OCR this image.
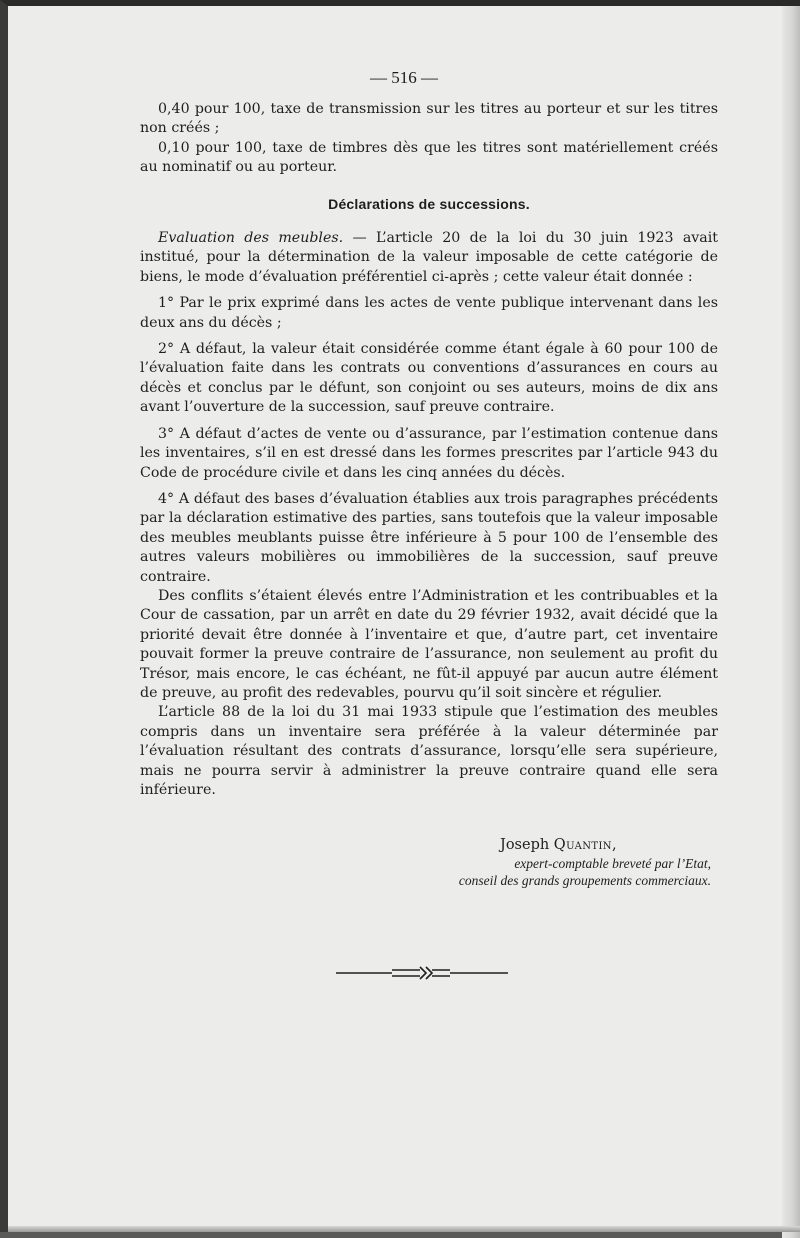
— 516 —

0,40 pour 100, taxe de transmission sur les titres au porteur et sur les titres non créés ;

0,10 pour 100, taxe de timbres dès que les titres sont matériellement créés au nominatif ou au porteur.

Déclarations de successions.

Evaluation des meubles. — L’article 20 de la loi du 30 juin 1923 avait institué, pour la détermination de la valeur imposable de cette catégorie de biens, le mode d’évaluation préférentiel ci-après ; cette valeur était donnée :

1° Par le prix exprimé dans les actes de vente publique intervenant dans les deux ans du décès ;

2° A défaut, la valeur était considérée comme étant égale à 60 pour 100 de l’évaluation faite dans les contrats ou conventions d’assurances en cours au décès et conclus par le défunt, son conjoint ou ses auteurs, moins de dix ans avant l’ouverture de la succession, sauf preuve contraire.

3° A défaut d’actes de vente ou d’assurance, par l’estimation contenue dans les inventaires, s’il en est dressé dans les formes prescrites par l’article 943 du Code de procédure civile et dans les cinq années du décès.

4° A défaut des bases d’évaluation établies aux trois paragraphes précédents par la déclaration estimative des parties, sans toutefois que la valeur imposable des meubles meublants puisse être inférieure à 5 pour 100 de l’ensemble des autres valeurs mobilières ou immobilières de la succession, sauf preuve contraire.

Des conflits s’étaient élevés entre l’Administration et les contribuables et la Cour de cassation, par un arrêt en date du 29 février 1932, avait décidé que la priorité devait être donnée à l’inventaire et que, d’autre part, cet inventaire pouvait former la preuve contraire de l’assurance, non seulement au profit du Trésor, mais encore, le cas échéant, ne fût-il appuyé par aucun autre élément de preuve, au profit des redevables, pourvu qu’il soit sincère et régulier.

L’article 88 de la loi du 31 mai 1933 stipule que l’estimation des meubles compris dans un inventaire sera préférée à la valeur déterminée par l’évaluation résultant des contrats d’assurance, lorsqu’elle sera supérieure, mais ne pourra servir à administrer la preuve contraire quand elle sera inférieure.

Joseph Quantin,
expert-comptable breveté par l’Etat,
conseil des grands groupements commerciaux.
